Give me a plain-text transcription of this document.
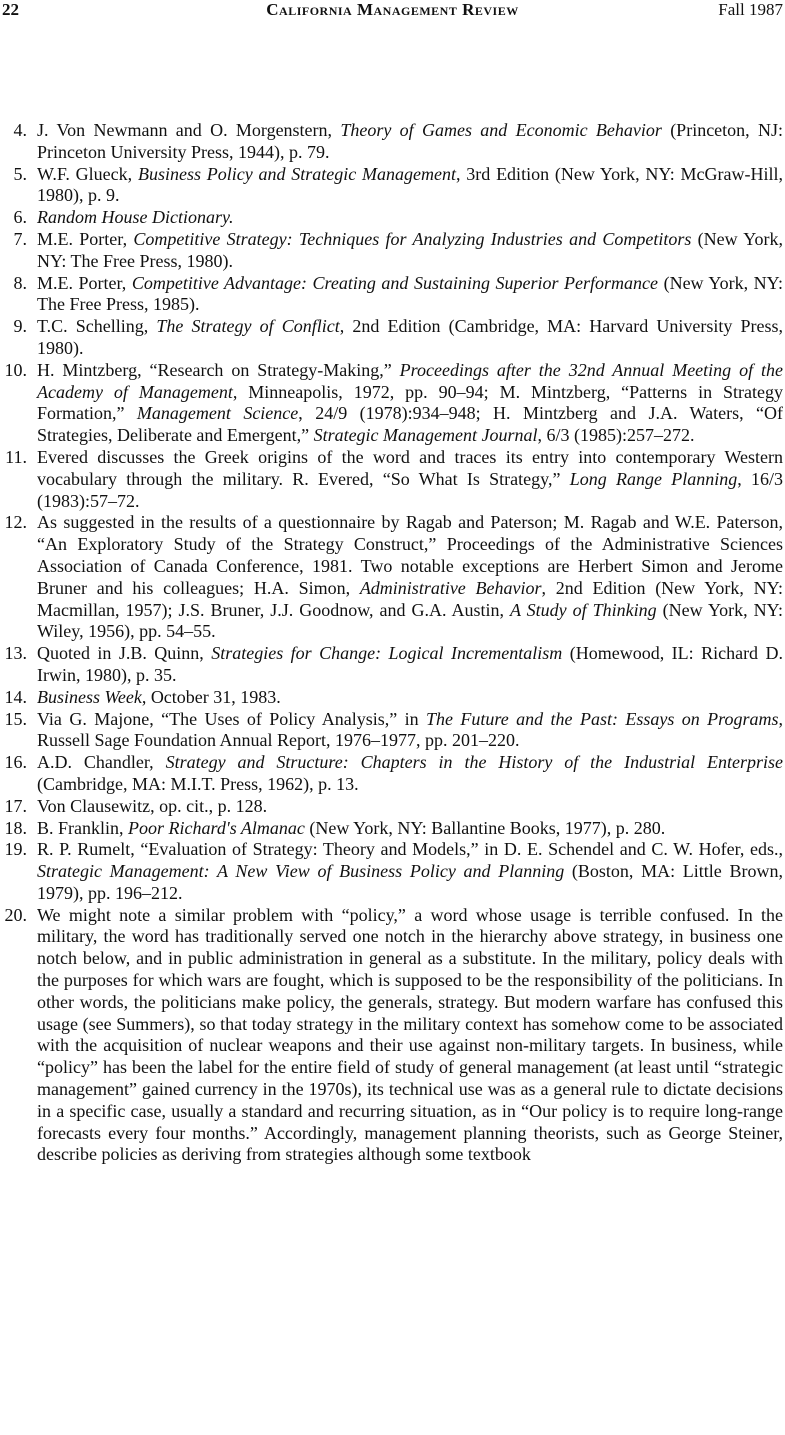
22	California Management Review	Fall 1987
4. J. Von Newmann and O. Morgenstern, Theory of Games and Economic Behavior (Princeton, NJ: Princeton University Press, 1944), p. 79.
5. W.F. Glueck, Business Policy and Strategic Management, 3rd Edition (New York, NY: McGraw-Hill, 1980), p. 9.
6. Random House Dictionary.
7. M.E. Porter, Competitive Strategy: Techniques for Analyzing Industries and Competitors (New York, NY: The Free Press, 1980).
8. M.E. Porter, Competitive Advantage: Creating and Sustaining Superior Performance (New York, NY: The Free Press, 1985).
9. T.C. Schelling, The Strategy of Conflict, 2nd Edition (Cambridge, MA: Harvard University Press, 1980).
10. H. Mintzberg, “Research on Strategy-Making,” Proceedings after the 32nd Annual Meeting of the Academy of Management, Minneapolis, 1972, pp. 90–94; M. Mintzberg, “Patterns in Strategy Formation,” Management Science, 24/9 (1978):934–948; H. Mintzberg and J.A. Waters, “Of Strategies, Deliberate and Emergent,” Strategic Management Journal, 6/3 (1985):257–272.
11. Evered discusses the Greek origins of the word and traces its entry into contemporary Western vocabulary through the military. R. Evered, “So What Is Strategy,” Long Range Planning, 16/3 (1983):57–72.
12. As suggested in the results of a questionnaire by Ragab and Paterson; M. Ragab and W.E. Paterson, “An Exploratory Study of the Strategy Construct,” Proceedings of the Administrative Sciences Association of Canada Conference, 1981. Two notable exceptions are Herbert Simon and Jerome Bruner and his colleagues; H.A. Simon, Administrative Behavior, 2nd Edition (New York, NY: Macmillan, 1957); J.S. Bruner, J.J. Goodnow, and G.A. Austin, A Study of Thinking (New York, NY: Wiley, 1956), pp. 54–55.
13. Quoted in J.B. Quinn, Strategies for Change: Logical Incrementalism (Homewood, IL: Richard D. Irwin, 1980), p. 35.
14. Business Week, October 31, 1983.
15. Via G. Majone, “The Uses of Policy Analysis,” in The Future and the Past: Essays on Programs, Russell Sage Foundation Annual Report, 1976–1977, pp. 201–220.
16. A.D. Chandler, Strategy and Structure: Chapters in the History of the Industrial Enterprise (Cambridge, MA: M.I.T. Press, 1962), p. 13.
17. Von Clausewitz, op. cit., p. 128.
18. B. Franklin, Poor Richard's Almanac (New York, NY: Ballantine Books, 1977), p. 280.
19. R. P. Rumelt, “Evaluation of Strategy: Theory and Models,” in D. E. Schendel and C. W. Hofer, eds., Strategic Management: A New View of Business Policy and Planning (Boston, MA: Little Brown, 1979), pp. 196–212.
20. We might note a similar problem with “policy,” a word whose usage is terrible confused. In the military, the word has traditionally served one notch in the hierarchy above strategy, in business one notch below, and in public administration in general as a substitute. In the military, policy deals with the purposes for which wars are fought, which is supposed to be the responsibility of the politicians. In other words, the politicians make policy, the generals, strategy. But modern warfare has confused this usage (see Summers), so that today strategy in the military context has somehow come to be associated with the acquisition of nuclear weapons and their use against non-military targets. In business, while “policy” has been the label for the entire field of study of general management (at least until “strategic management” gained currency in the 1970s), its technical use was as a general rule to dictate decisions in a specific case, usually a standard and recurring situation, as in “Our policy is to require long-range forecasts every four months.” Accordingly, management planning theorists, such as George Steiner, describe policies as deriving from strategies although some textbook
